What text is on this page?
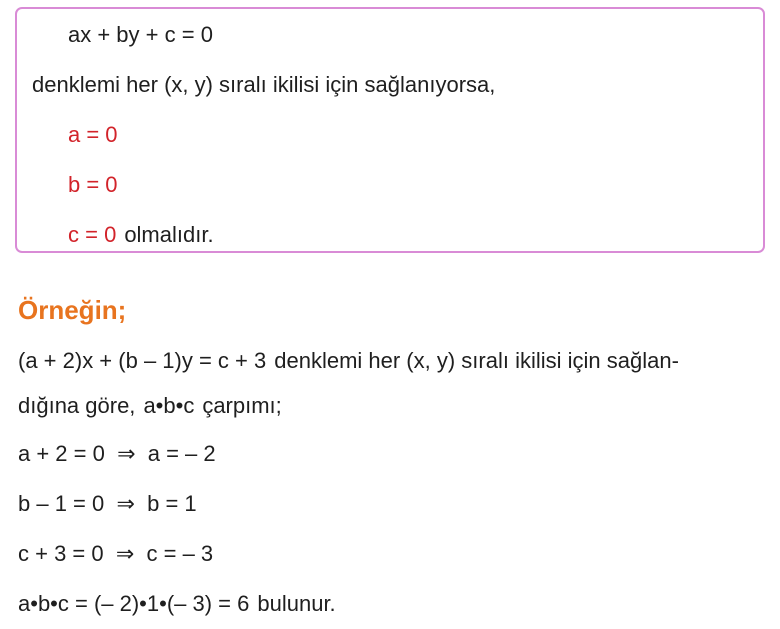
ax + by + c = 0
denklemi her (x, y) sıralı ikilisi için sağlanıyorsa,
a = 0
b = 0
c = 0 olmalıdır.
Örneğin;
(a + 2)x + (b – 1)y = c + 3 denklemi her (x, y) sıralı ikilisi için sağlan-
dığına göre, a•b•c çarpımı;
a + 2 = 0  ⇒  a = – 2
b – 1 = 0  ⇒  b = 1
c + 3 = 0  ⇒  c = – 3
a•b•c = (– 2)•1•(– 3) = 6 bulunur.
